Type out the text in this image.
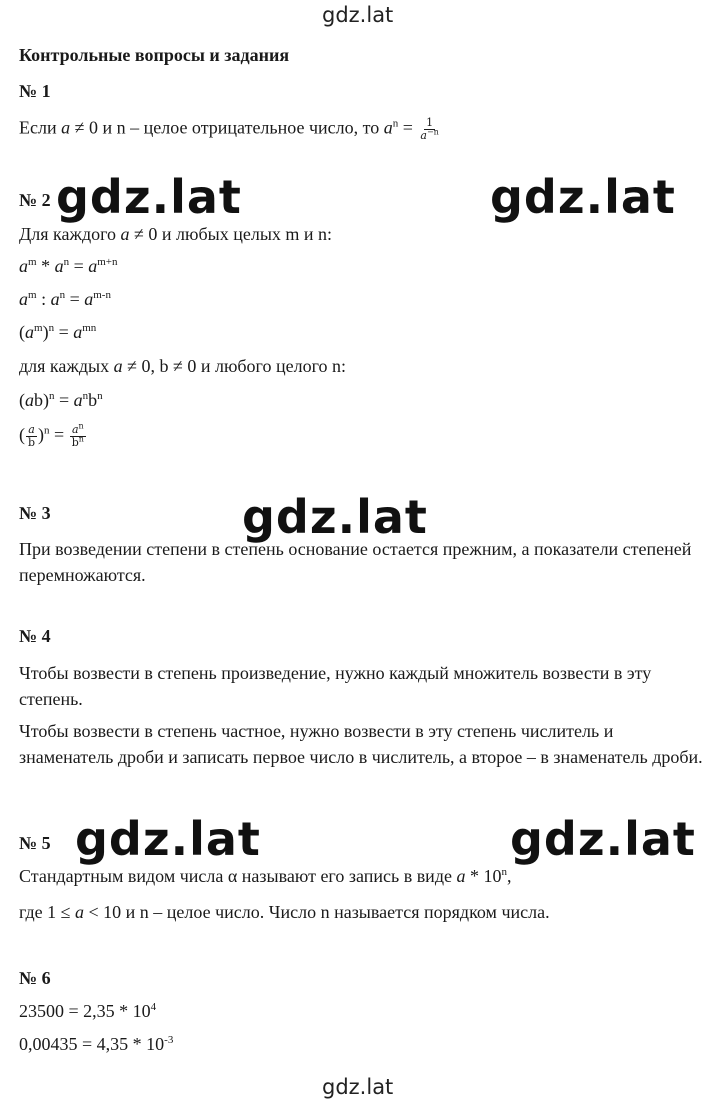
gdz.lat
Контрольные вопросы и задания
№ 1
Если a ≠ 0 и n – целое отрицательное число, то $a^n = \frac{1}{a^{-n}}$
№ 2
Для каждого a ≠ 0 и любых целых m и n:
$a^m * a^n = a^{m+n}$
$a^m$ : $a^n = a^{m-n}$
$(a^m)^n = a^{mn}$
для каждых a ≠ 0, b ≠ 0 и любого целого n:
$(ab)^n = a^nb^n$
( $\frac{a}{b} )^n = \frac{a^n}{b^n}$
№ 3
При возведении степени в степень основание остается прежним, а показатели степеней перемножаются.
№ 4
Чтобы возвести в степень произведение, нужно каждый множитель возвести в эту степень.
Чтобы возвести в степень частное, нужно возвести в эту степень числитель и знаменатель дроби и записать первое число в числитель, а второе – в знаменатель дроби.
№ 5
Стандартным видом числа α называют его запись в виде a * 10$^n$,
где 1 ≤ a < 10 и n – целое число. Число n называется порядком числа.
№ 6
$23500 = 2,35 * 10^4$
$0,00435 = 4,35 * 10^{-3}$
gdz.lat	gdz.lat
gdz.lat
gdz.lat	gdz.lat
gdz.lat
